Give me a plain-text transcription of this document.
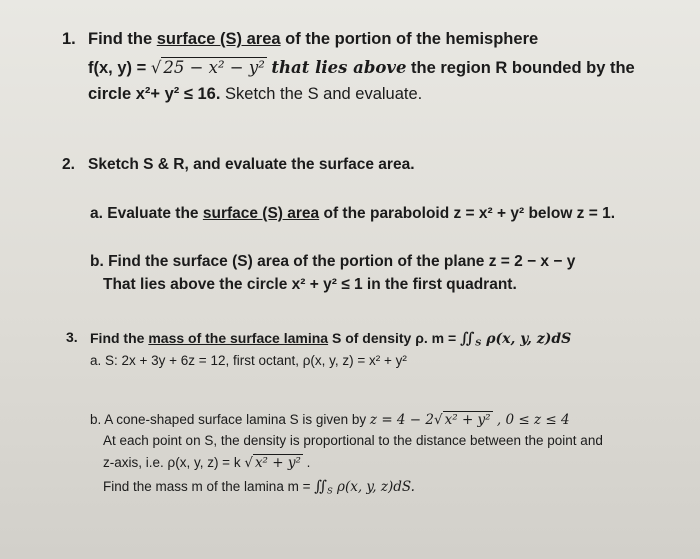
1. Find the surface (S) area of the portion of the hemisphere
f(x, y) = √ 25 − x² − y² that lies above the region R bounded by the
circle x²+ y² ≤ 16. Sketch the S and evaluate.
2. Sketch S & R, and evaluate the surface area.
a. Evaluate the surface (S) area of the paraboloid z = x² + y² below z = 1.
b. Find the surface (S) area of the portion of the plane z = 2 − x − y
That lies above the circle x² + y² ≤ 1 in the first quadrant.
3. Find the mass of the surface lamina S of density ρ. $m = ∬_S$ ρ(x, y, z)dS
a. S: 2x + 3y + 6z = 12, first octant, ρ(x, y, z) = x² + y²
b. A cone-shaped surface lamina S is given by z = 4 − 2√ x² + y² , 0 ≤ z ≤ 4
At each point on S, the density is proportional to the distance between the point and
z-axis, i.e. ρ(x, y, z) = k √ x² + y² .
Find the mass m of the lamina $m = ∬_S$ ρ(x, y, z)dS.
